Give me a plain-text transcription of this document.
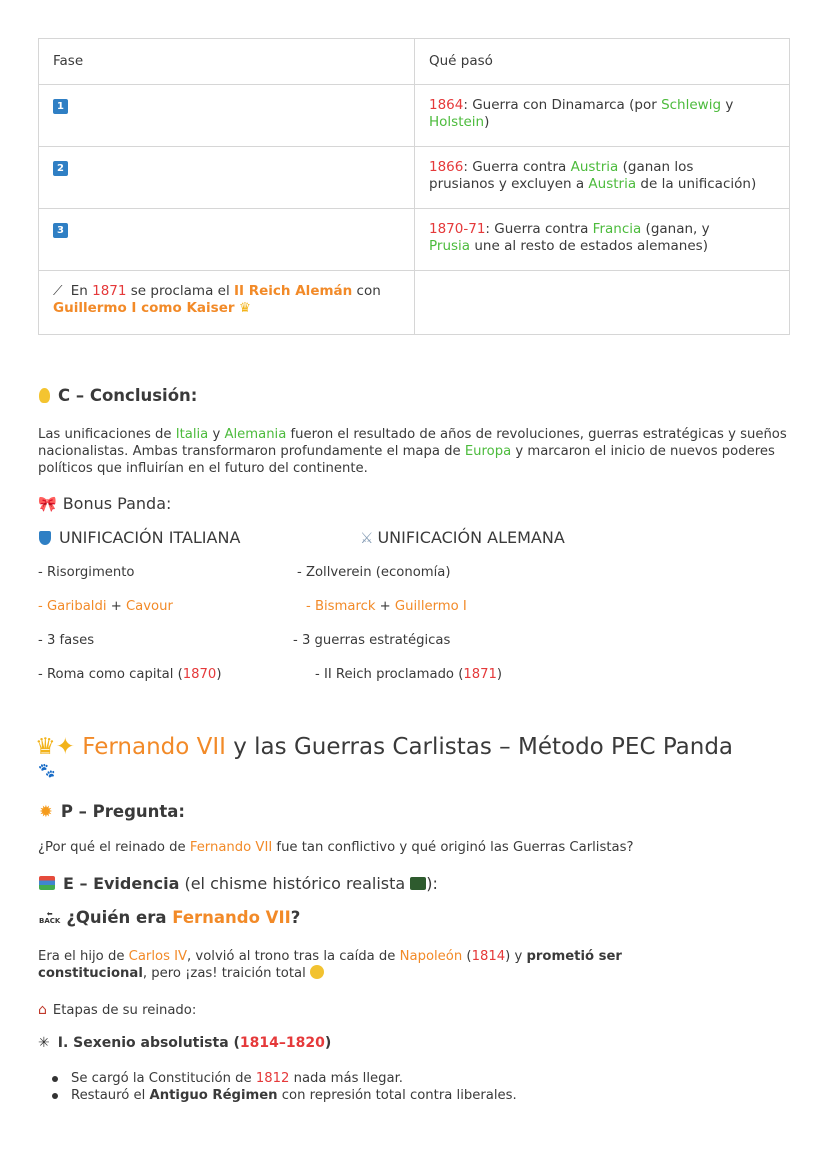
Fase	Qué pasó
1	1864: Guerra con Dinamarca (por Schlewig y
Holstein)
2	1866: Guerra contra Austria (ganan los
prusianos y excluyen a Austria de la unificación)
3	1870-71: Guerra contra Francia (ganan, y
Prusia une al resto de estados alemanes)
⟋ En 1871 se proclama el II Reich Alemán con
Guillermo I como Kaiser ♛	
C – Conclusión:
Las unificaciones de Italia y Alemania fueron el resultado de años de revoluciones, guerras estratégicas y sueños nacionalistas. Ambas transformaron profundamente el mapa de Europa y marcaron el inicio de nuevos poderes políticos que influirían en el futuro del continente.
🎀 Bonus Panda:
UNIFICACIÓN ITALIANA	⚔ UNIFICACIÓN ALEMANA
- Risorgimento	- Zollverein (economía)
- Garibaldi + Cavour	- Bismarck + Guillermo I
- 3 fases	- 3 guerras estratégicas
- Roma como capital (1870)	- II Reich proclamado (1871)
♛✦ Fernando VII y las Guerras Carlistas – Método PEC Panda
🐾
✹ P – Pregunta:
¿Por qué el reinado de Fernando VII fue tan conflictivo y qué originó las Guerras Carlistas?
E – Evidencia (el chisme histórico realista ):
⬅
BACK ¿Quién era Fernando VII?
Era el hijo de Carlos IV, volvió al trono tras la caída de Napoleón (1814) y prometió ser
constitucional, pero ¡zas! traición total
⌂ Etapas de su reinado:
✳ I. Sexenio absolutista (1814–1820)
Se cargó la Constitución de 1812 nada más llegar.
Restauró el Antiguo Régimen con represión total contra liberales.
